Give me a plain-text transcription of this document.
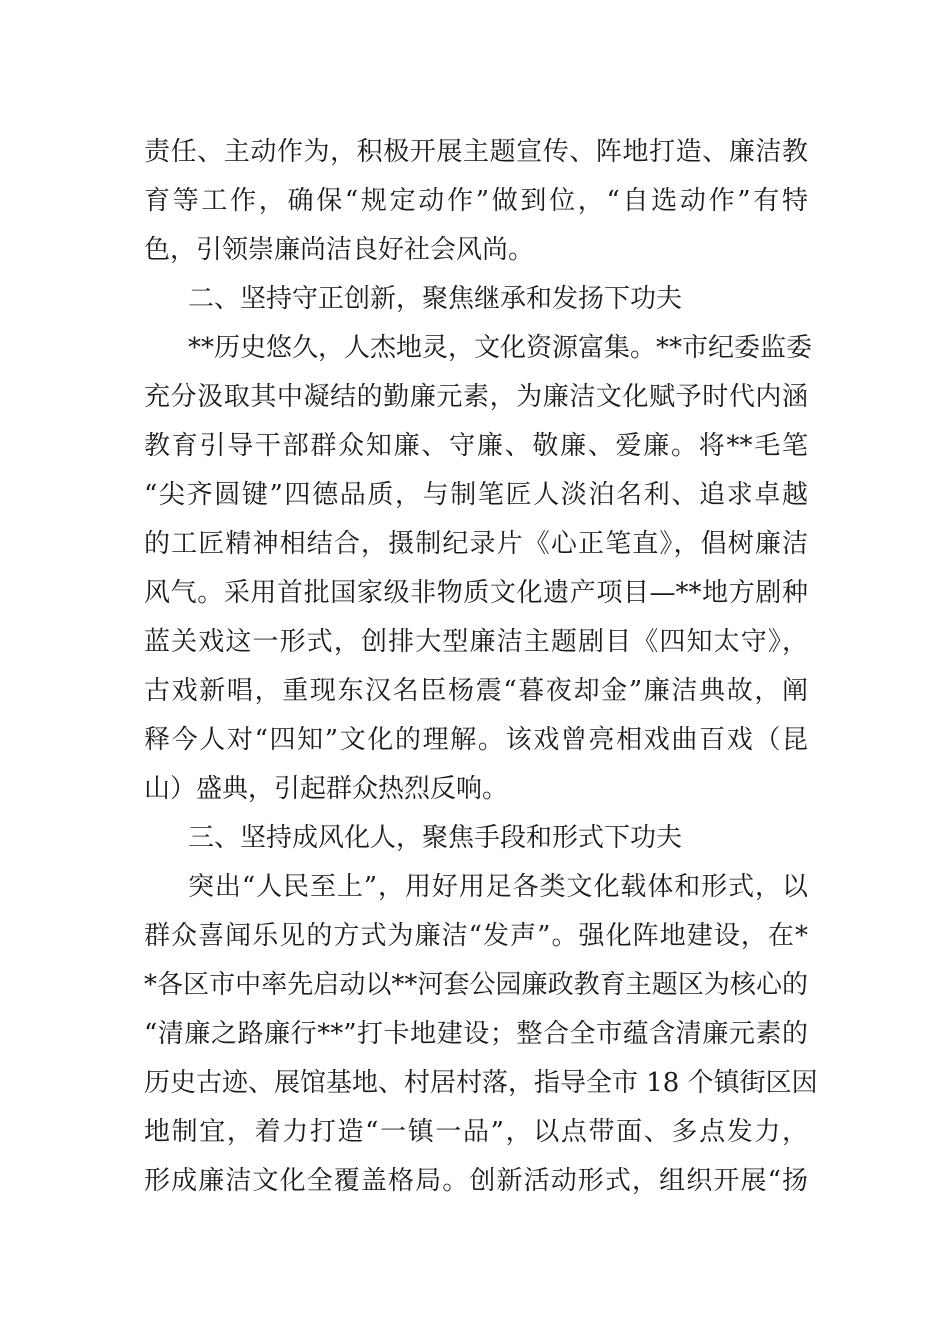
责任、主动作为，积极开展主题宣传、阵地打造、廉洁教
育等工作，确保“规定动作”做到位，“自选动作”有特
色，引领崇廉尚洁良好社会风尚。
二、坚持守正创新，聚焦继承和发扬下功夫
**历史悠久，人杰地灵，文化资源富集。**市纪委监委
充分汲取其中凝结的勤廉元素，为廉洁文化赋予时代内涵
教育引导干部群众知廉、守廉、敬廉、爱廉。将**毛笔
“尖齐圆键”四德品质，与制笔匠人淡泊名利、追求卓越
的工匠精神相结合，摄制纪录片《心正笔直》，倡树廉洁
风气。采用首批国家级非物质文化遗产项目—**地方剧种
蓝关戏这一形式，创排大型廉洁主题剧目《四知太守》，
古戏新唱，重现东汉名臣杨震“暮夜却金”廉洁典故，阐
释今人对“四知”文化的理解。该戏曾亮相戏曲百戏（昆
山）盛典，引起群众热烈反响。
三、坚持成风化人，聚焦手段和形式下功夫
突出“人民至上”，用好用足各类文化载体和形式，以
群众喜闻乐见的方式为廉洁“发声”。强化阵地建设，在*
*各区市中率先启动以**河套公园廉政教育主题区为核心的
“清廉之路廉行**”打卡地建设；整合全市蕴含清廉元素的
历史古迹、展馆基地、村居村落，指导全市 18 个镇街区因
地制宜，着力打造“一镇一品”，以点带面、多点发力，
形成廉洁文化全覆盖格局。创新活动形式，组织开展“扬
